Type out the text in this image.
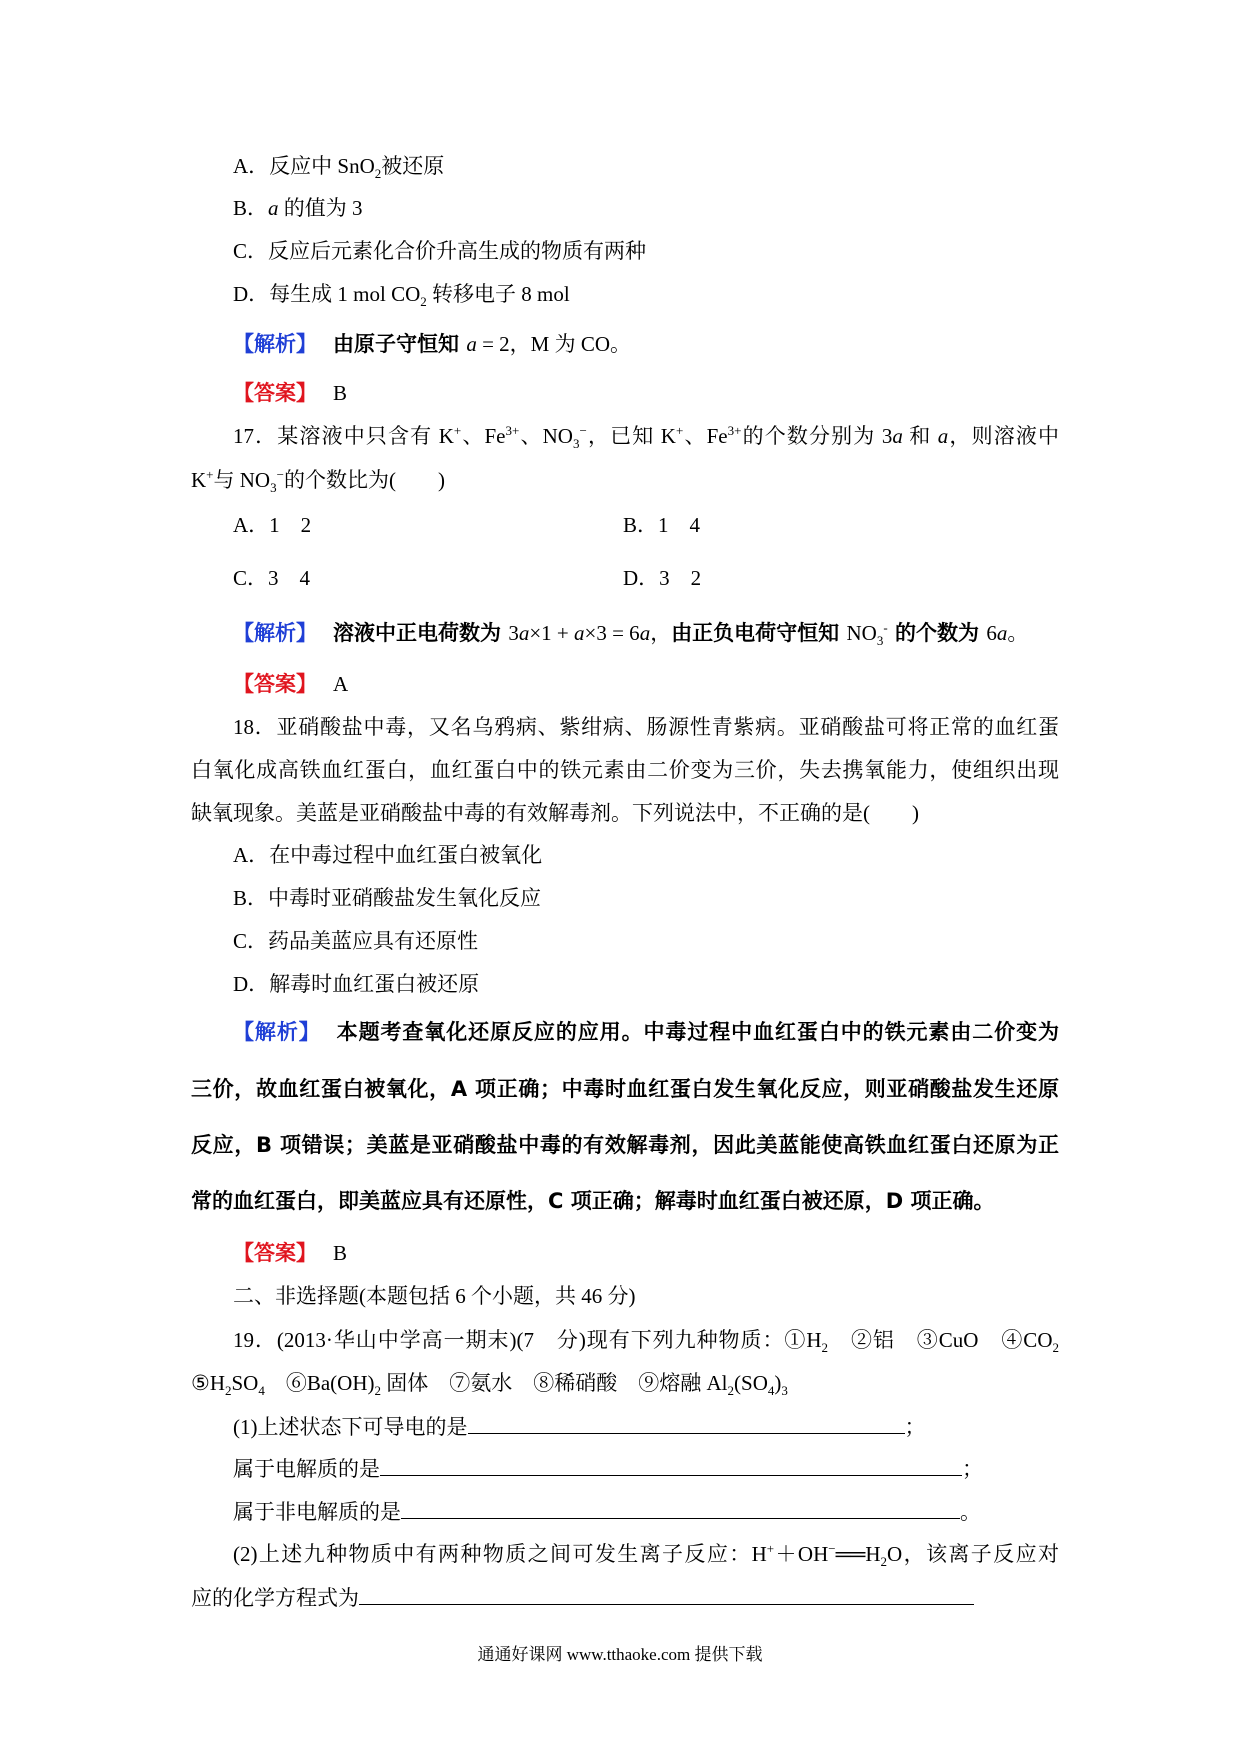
A．反应中 SnO$_2$被还原
B．a 的值为 3
C．反应后元素化合价升高生成的物质有两种
D．每生成 1 mol $CO_2$ 转移电子 8 mol
【解析】 由原子守恒知 a = 2，M 为 CO。
【答案】 B
17．某溶液中只含有 K+、$Fe^{3+}$、$NO_3^-$，已知 K+、$Fe^{3+}$的个数分别为 3a 和 a，则溶液中
K+与 $NO_3^-$的个数比为(　　)
A．1　2	B．1　4
C．3　4	D．3　2
【解析】 溶液中正电荷数为 3a×1 + a×3 = 6a，由正负电荷守恒知 $NO_3^-$ 的个数为 6a。
【答案】 A
18．亚硝酸盐中毒，又名乌鸦病、紫绀病、肠源性青紫病。亚硝酸盐可将正常的血红蛋
白氧化成高铁血红蛋白，血红蛋白中的铁元素由二价变为三价，失去携氧能力，使组织出现
缺氧现象。美蓝是亚硝酸盐中毒的有效解毒剂。下列说法中，不正确的是(　　)
A．在中毒过程中血红蛋白被氧化
B．中毒时亚硝酸盐发生氧化反应
C．药品美蓝应具有还原性
D．解毒时血红蛋白被还原
【解析】 本题考查氧化还原反应的应用。中毒过程中血红蛋白中的铁元素由二价变为
三价，故血红蛋白被氧化，A 项正确；中毒时血红蛋白发生氧化反应，则亚硝酸盐发生还原
反应，B 项错误；美蓝是亚硝酸盐中毒的有效解毒剂，因此美蓝能使高铁血红蛋白还原为正
常的血红蛋白，即美蓝应具有还原性，C 项正确；解毒时血红蛋白被还原，D 项正确。
【答案】 B
二、非选择题(本题包括 6 个小题，共 46 分)
19．(2013·华山中学高一期末)(7　分)现有下列九种物质：$①H_2$　②铝　③CuO　$④CO_2$
$⑤H_2SO_4$　$⑥Ba(OH)_2$ 固体　⑦氨水　⑧稀硝酸　⑨熔融 $Al_2(SO_4)_3$
(1)上述状态下可导电的是	；
属于电解质的是	；
属于非电解质的是	。
(2)上述九种物质中有两种物质之间可发生离子反应：$H^++OH^-══H_2O$，该离子反应对
应的化学方程式为
通通好课网 www.tthaoke.com 提供下载
